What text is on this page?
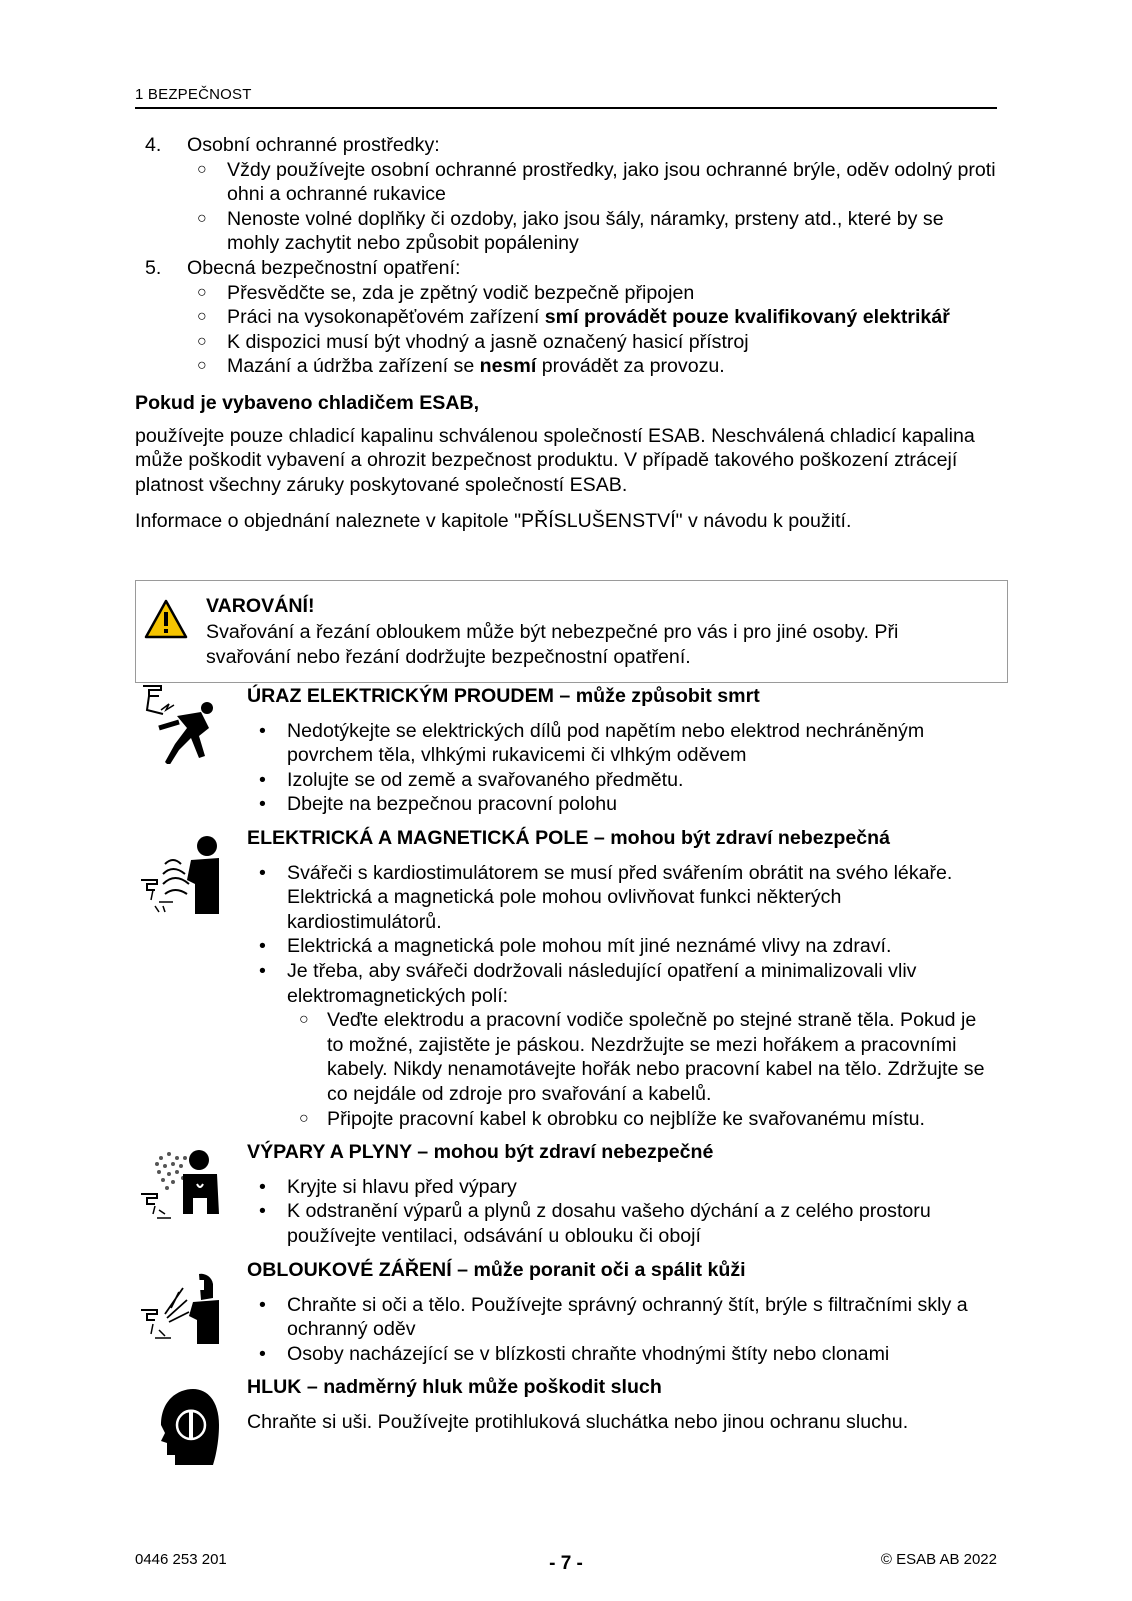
1 BEZPEČNOST
4. Osobní ochranné prostředky:
○ Vždy používejte osobní ochranné prostředky, jako jsou ochranné brýle, oděv odolný proti ohni a ochranné rukavice
○ Nenoste volné doplňky či ozdoby, jako jsou šály, náramky, prsteny atd., které by se mohly zachytit nebo způsobit popáleniny
5. Obecná bezpečnostní opatření:
○ Přesvědčte se, zda je zpětný vodič bezpečně připojen
○ Práci na vysokonapěťovém zařízení smí provádět pouze kvalifikovaný elektrikář
○ K dispozici musí být vhodný a jasně označený hasicí přístroj
○ Mazání a údržba zařízení se nesmí provádět za provozu.
Pokud je vybaveno chladičem ESAB,
používejte pouze chladicí kapalinu schválenou společností ESAB. Neschválená chladicí kapalina může poškodit vybavení a ohrozit bezpečnost produktu. V případě takového poškození ztrácejí platnost všechny záruky poskytované společností ESAB.
Informace o objednání naleznete v kapitole "PŘÍSLUŠENSTVÍ" v návodu k použití.
VAROVÁNÍ!
Svařování a řezání obloukem může být nebezpečné pro vás i pro jiné osoby. Při svařování nebo řezání dodržujte bezpečnostní opatření.
ÚRAZ ELEKTRICKÝM PROUDEM – může způsobit smrt
• Nedotýkejte se elektrických dílů pod napětím nebo elektrod nechráněným povrchem těla, vlhkými rukavicemi či vlhkým oděvem
• Izolujte se od země a svařovaného předmětu.
• Dbejte na bezpečnou pracovní polohu
ELEKTRICKÁ A MAGNETICKÁ POLE – mohou být zdraví nebezpečná
• Svářeči s kardiostimulátorem se musí před svářením obrátit na svého lékaře. Elektrická a magnetická pole mohou ovlivňovat funkci některých kardiostimulátorů.
• Elektrická a magnetická pole mohou mít jiné neznámé vlivy na zdraví.
• Je třeba, aby svářeči dodržovali následující opatření a minimalizovali vliv elektromagnetických polí:
○ Veďte elektrodu a pracovní vodiče společně po stejné straně těla. Pokud je to možné, zajistěte je páskou. Nezdržujte se mezi hořákem a pracovními kabely. Nikdy nenamotávejte hořák nebo pracovní kabel na tělo. Zdržujte se co nejdále od zdroje pro svařování a kabelů.
○ Připojte pracovní kabel k obrobku co nejblíže ke svařovanému místu.
VÝPARY A PLYNY – mohou být zdraví nebezpečné
• Kryjte si hlavu před výpary
• K odstranění výparů a plynů z dosahu vašeho dýchání a z celého prostoru používejte ventilaci, odsávání u oblouku či obojí
OBLOUKOVÉ ZÁŘENÍ – může poranit oči a spálit kůži
• Chraňte si oči a tělo. Používejte správný ochranný štít, brýle s filtračními skly a ochranný oděv
• Osoby nacházející se v blízkosti chraňte vhodnými štíty nebo clonami
HLUK – nadměrný hluk může poškodit sluch
Chraňte si uši. Používejte protihluková sluchátka nebo jinou ochranu sluchu.
0446 253 201	- 7 -	© ESAB AB 2022
